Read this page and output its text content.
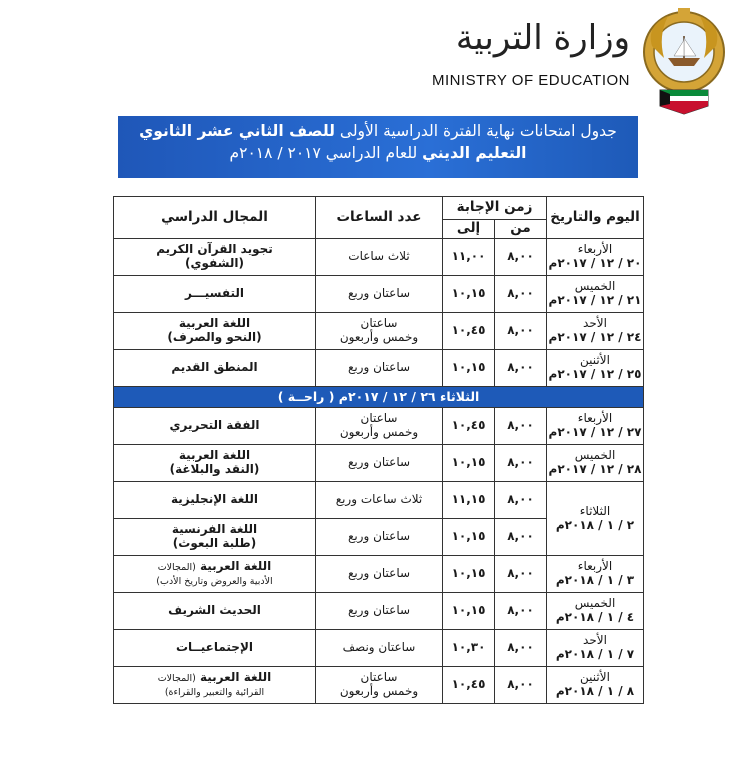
وزارة التربية
MINISTRY OF EDUCATION
جدول امتحانات نهاية الفترة الدراسية الأولى للصف الثاني عشر الثانوي
التعليم الديني للعام الدراسي ٢٠١٧ / ٢٠١٨م
اليوم والتاريخ	زمن الإجابة		عدد الساعات	المجال الدراسي
	من	إلى		
الأربعاء
٢٠ / ١٢ / ٢٠١٧م	٨,٠٠	١١,٠٠	ثلاث ساعات	تجويد القرآن الكريم
(الشفوي)
الخميس
٢١ / ١٢ / ٢٠١٧م	٨,٠٠	١٠,١٥	ساعتان وربع	التفسيـــر
الأحد
٢٤ / ١٢ / ٢٠١٧م	٨,٠٠	١٠,٤٥	ساعتان
وخمس وأربعون	اللغة العربية
(النحو والصرف)
الأثنين
٢٥ / ١٢ / ٢٠١٧م	٨,٠٠	١٠,١٥	ساعتان وربع	المنطق القديم
الثلاثاء ٢٦ / ١٢ / ٢٠١٧م ( راحــة )				
الأربعاء
٢٧ / ١٢ / ٢٠١٧م	٨,٠٠	١٠,٤٥	ساعتان
وخمس وأربعون	الفقة التحريري
الخميس
٢٨ / ١٢ / ٢٠١٧م	٨,٠٠	١٠,١٥	ساعتان وربع	اللغة العربية
(النقد والبلاغة)
الثلاثاء
٢ / ١ / ٢٠١٨م	٨,٠٠	١١,١٥	ثلاث ساعات وربع	اللغة الإنجليزية
	٨,٠٠	١٠,١٥	ساعتان وربع	اللغة الفرنسية
(طلبة البعوث)
الأربعاء
٣ / ١ / ٢٠١٨م	٨,٠٠	١٠,١٥	ساعتان وربع	اللغة العربية (المجالات
الأدبية والعروض وتاريخ الأدب)
الخميس
٤ / ١ / ٢٠١٨م	٨,٠٠	١٠,١٥	ساعتان وربع	الحديث الشريف
الأحد
٧ / ١ / ٢٠١٨م	٨,٠٠	١٠,٣٠	ساعتان ونصف	الإجتماعيــات
الأثنين
٨ / ١ / ٢٠١٨م	٨,٠٠	١٠,٤٥	ساعتان
وخمس وأربعون	اللغة العربية (المجالات
القرائية والتعبير والقراءة)
